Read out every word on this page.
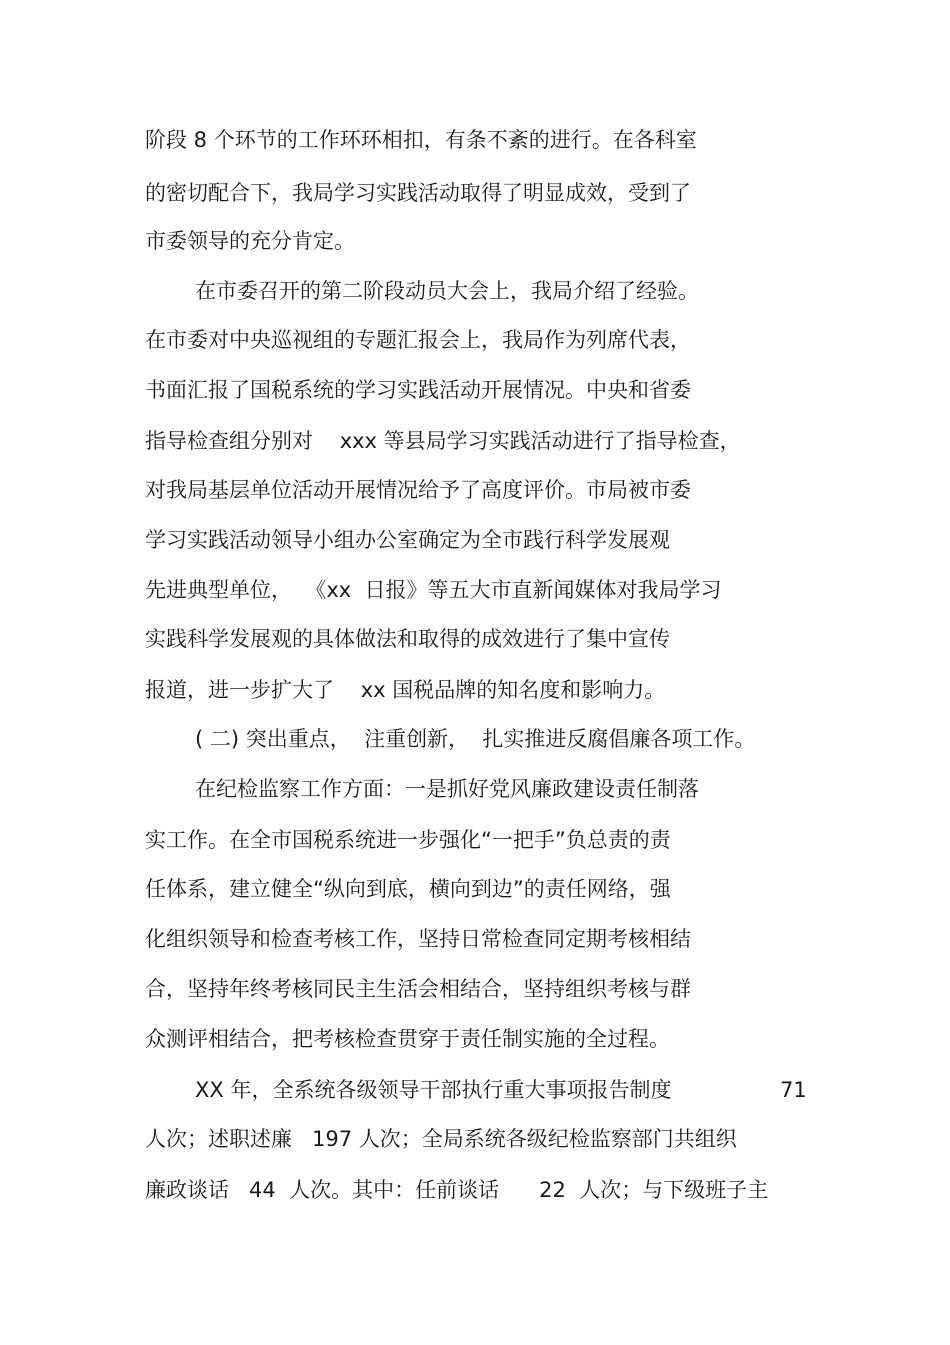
阶段 8 个环节的工作环环相扣，有条不紊的进行。在各科室
的密切配合下，我局学习实践活动取得了明显成效，受到了
市委领导的充分肯定。
在市委召开的第二阶段动员大会上，我局介绍了经验。
在市委对中央巡视组的专题汇报会上，我局作为列席代表，
书面汇报了国税系统的学习实践活动开展情况。中央和省委
指导检查组分别对    xxx 等县局学习实践活动进行了指导检查，
对我局基层单位活动开展情况给予了高度评价。市局被市委
学习实践活动领导小组办公室确定为全市践行科学发展观
先进典型单位，  《xx  日报》等五大市直新闻媒体对我局学习
实践科学发展观的具体做法和取得的成效进行了集中宣传
报道，进一步扩大了    xx 国税品牌的知名度和影响力。
( 二) 突出重点，  注重创新，  扎实推进反腐倡廉各项工作。
在纪检监察工作方面：一是抓好党风廉政建设责任制落
实工作。在全市国税系统进一步强化“一把手”负总责的责
任体系，建立健全“纵向到底，横向到边”的责任网络，强
化组织领导和检查考核工作，坚持日常检查同定期考核相结
合，坚持年终考核同民主生活会相结合，坚持组织考核与群
众测评相结合，把考核检查贯穿于责任制实施的全过程。
XX 年，全系统各级领导干部执行重大事项报告制度	71
人次；述职述廉   197 人次；全局系统各级纪检监察部门共组织
廉政谈话   44  人次。其中：任前谈话      22  人次；与下级班子主
